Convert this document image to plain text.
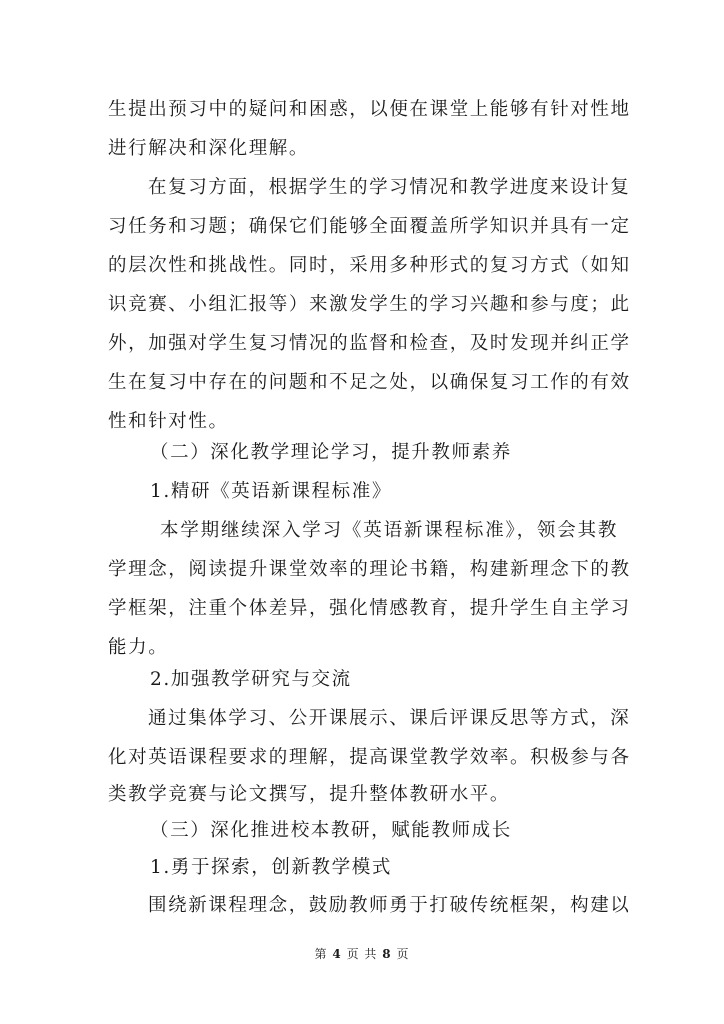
生提出预习中的疑问和困惑，以便在课堂上能够有针对性地
进行解决和深化理解。
在复习方面，根据学生的学习情况和教学进度来设计复
习任务和习题；确保它们能够全面覆盖所学知识并具有一定
的层次性和挑战性。同时，采用多种形式的复习方式（如知
识竞赛、小组汇报等）来激发学生的学习兴趣和参与度；此
外，加强对学生复习情况的监督和检查，及时发现并纠正学
生在复习中存在的问题和不足之处，以确保复习工作的有效
性和针对性。
（二）深化教学理论学习，提升教师素养
1.精研《英语新课程标准》
本学期继续深入学习《英语新课程标准》，领会其教
学理念，阅读提升课堂效率的理论书籍，构建新理念下的教
学框架，注重个体差异，强化情感教育，提升学生自主学习
能力。
2.加强教学研究与交流
通过集体学习、公开课展示、课后评课反思等方式，深
化对英语课程要求的理解，提高课堂教学效率。积极参与各
类教学竞赛与论文撰写，提升整体教研水平。
（三）深化推进校本教研，赋能教师成长
1.勇于探索，创新教学模式
围绕新课程理念，鼓励教师勇于打破传统框架，构建以
第 4 页 共 8 页
